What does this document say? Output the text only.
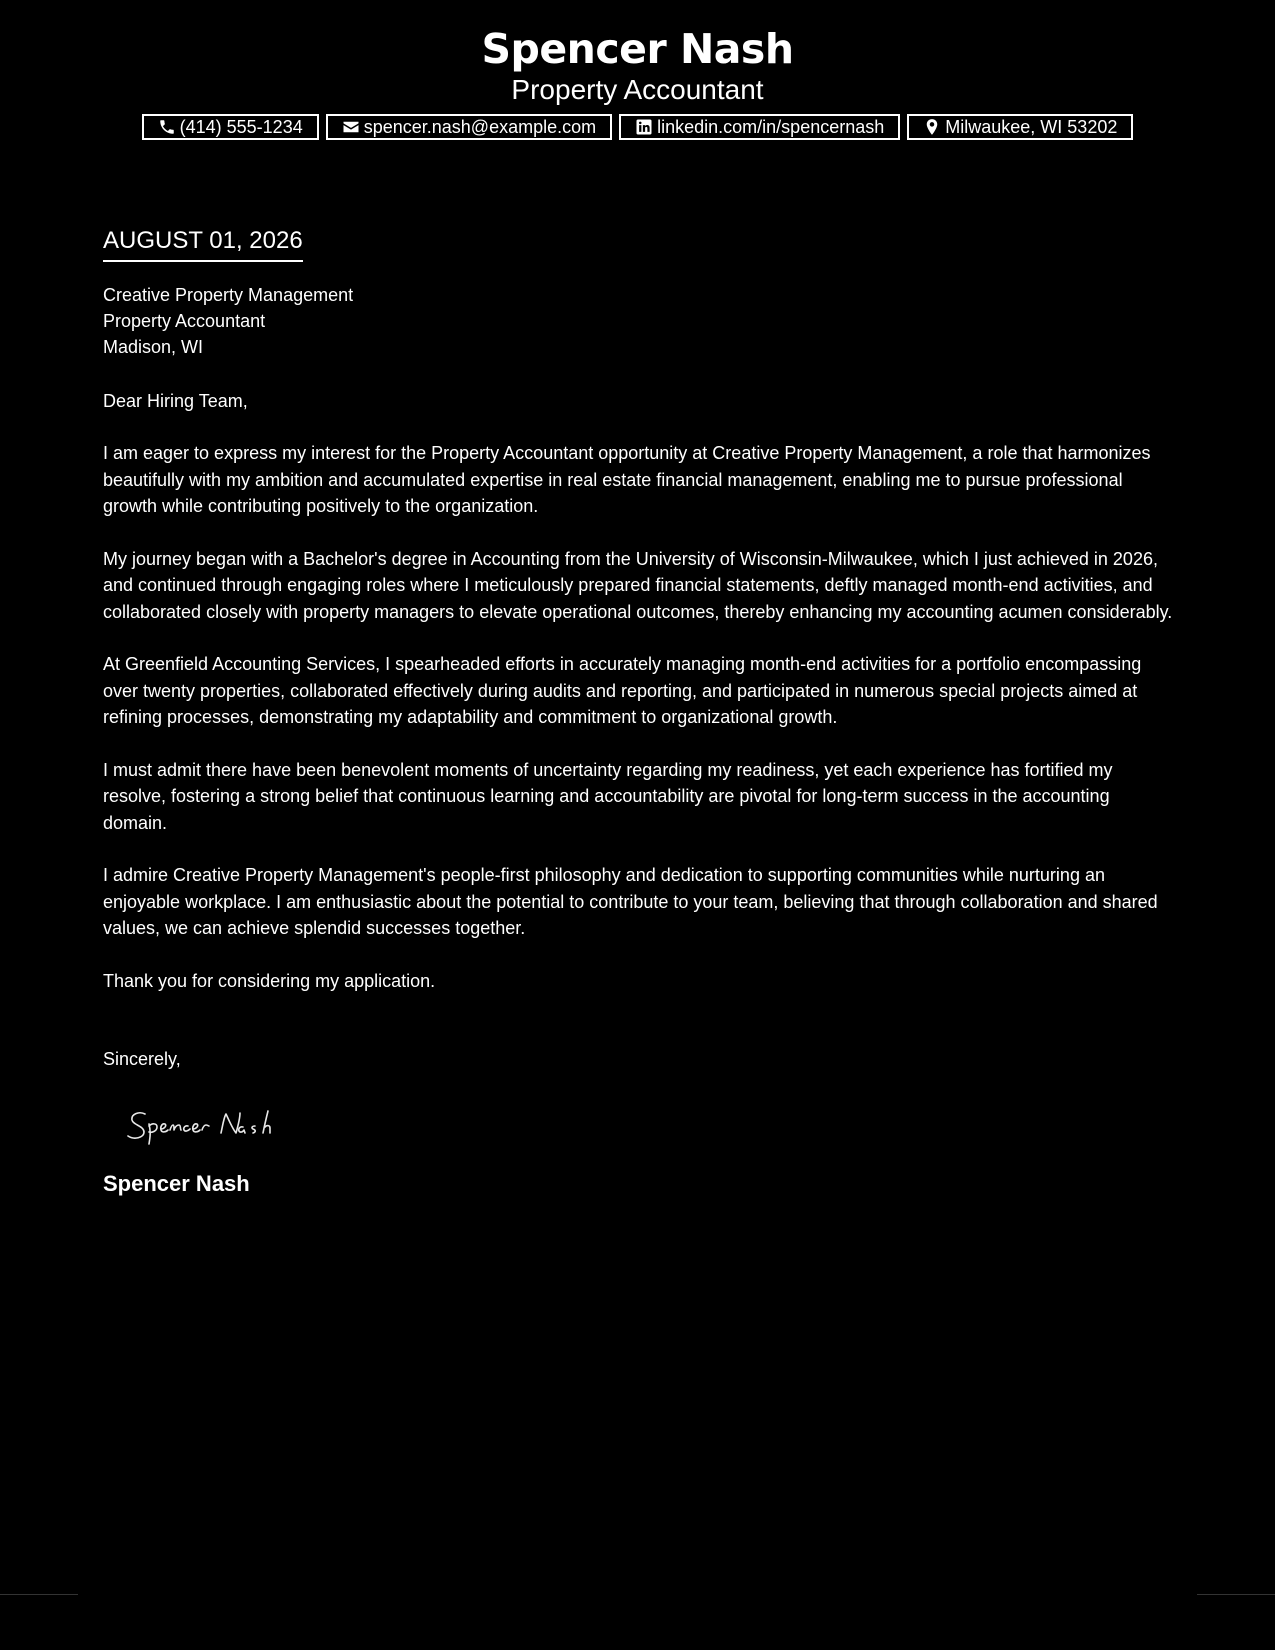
Spencer Nash
Property Accountant
(414) 555-1234	spencer.nash@example.com	linkedin.com/in/spencernash	Milwaukee, WI 53202
AUGUST 01, 2026
Creative Property Management
Property Accountant
Madison, WI
Dear Hiring Team,
I am eager to express my interest for the Property Accountant opportunity at Creative Property Management, a role that harmonizes beautifully with my ambition and accumulated expertise in real estate financial management, enabling me to pursue professional growth while contributing positively to the organization.
My journey began with a Bachelor's degree in Accounting from the University of Wisconsin-Milwaukee, which I just achieved in 2026, and continued through engaging roles where I meticulously prepared financial statements, deftly managed month-end activities, and collaborated closely with property managers to elevate operational outcomes, thereby enhancing my accounting acumen considerably.
At Greenfield Accounting Services, I spearheaded efforts in accurately managing month-end activities for a portfolio encompassing over twenty properties, collaborated effectively during audits and reporting, and participated in numerous special projects aimed at refining processes, demonstrating my adaptability and commitment to organizational growth.
I must admit there have been benevolent moments of uncertainty regarding my readiness, yet each experience has fortified my resolve, fostering a strong belief that continuous learning and accountability are pivotal for long-term success in the accounting domain.
I admire Creative Property Management's people-first philosophy and dedication to supporting communities while nurturing an enjoyable workplace. I am enthusiastic about the potential to contribute to your team, believing that through collaboration and shared values, we can achieve splendid successes together.
Thank you for considering my application.
Sincerely,
Spencer Nash
